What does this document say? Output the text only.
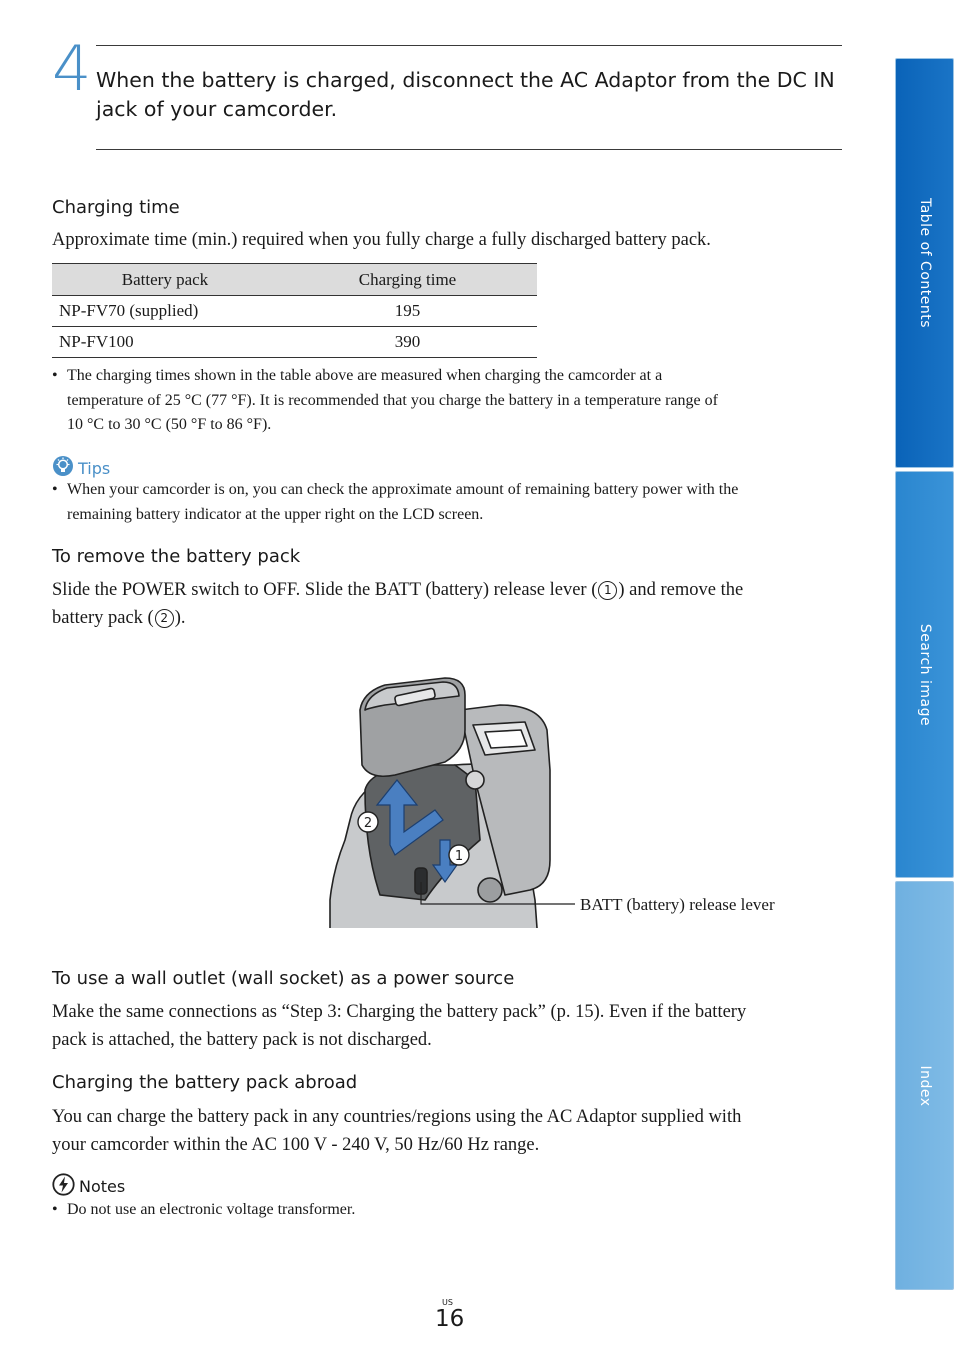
4 When the battery is charged, disconnect the AC Adaptor from the DC IN jack of your camcorder.
Charging time
Approximate time (min.) required when you fully charge a fully discharged battery pack.
Battery pack	Charging time
NP-FV70 (supplied)	195
NP-FV100	390
• The charging times shown in the table above are measured when charging the camcorder at a
temperature of 25 °C (77 °F). It is recommended that you charge the battery in a temperature range of
10 °C to 30 °C (50 °F to 86 °F).
Tips
• When your camcorder is on, you can check the approximate amount of remaining battery power with the
remaining battery indicator at the upper right on the LCD screen.
To remove the battery pack
Slide the POWER switch to OFF. Slide the BATT (battery) release lever ( 1 ) and remove the
battery pack ( 2 ).
2
1
BATT (battery) release lever
To use a wall outlet (wall socket) as a power source
Make the same connections as “Step 3: Charging the battery pack” (p. 15). Even if the battery
pack is attached, the battery pack is not discharged.
Charging the battery pack abroad
You can charge the battery pack in any countries/regions using the AC Adaptor supplied with
your camcorder within the AC 100 V - 240 V, 50 Hz/60 Hz range.
Notes
• Do not use an electronic voltage transformer.
US
16
Table of Contents
Search image
Index
